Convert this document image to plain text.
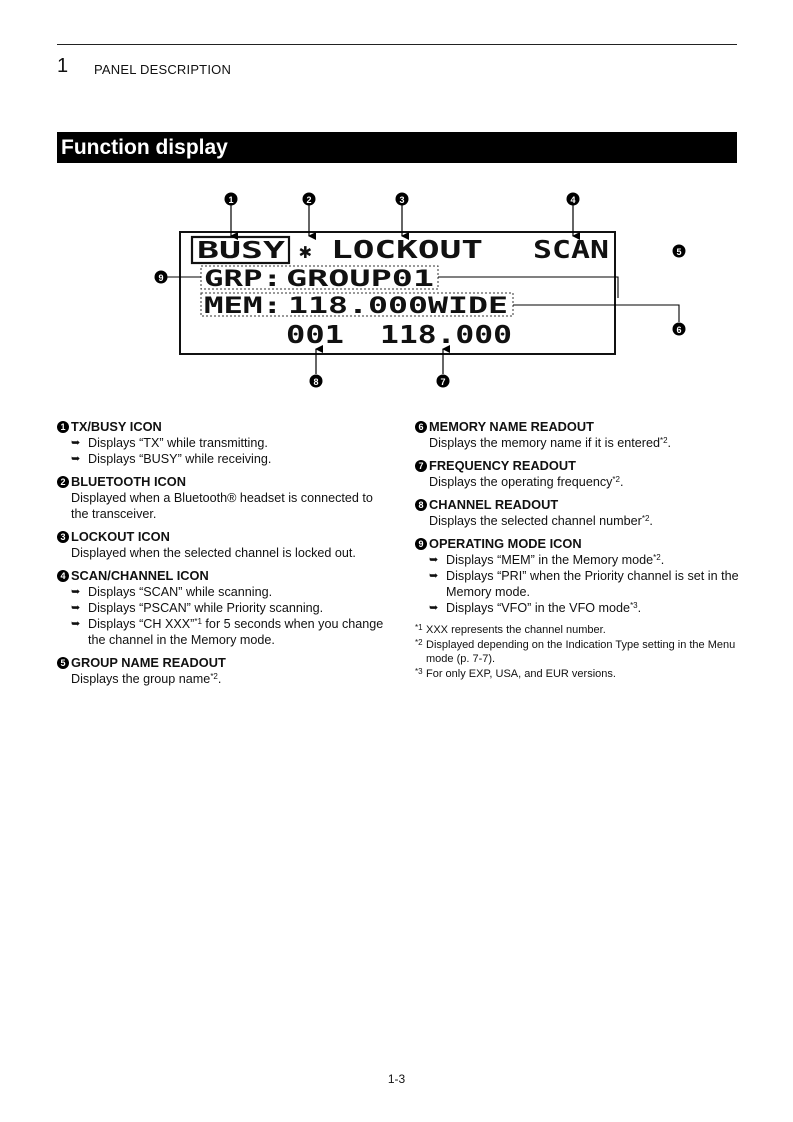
1 PANEL DESCRIPTION
Function display
BUSY ✱ LOCKOUT SCAN
GRP: GROUP01
MEM: 118.000WIDE
001 118.000
1	2	3	4
5
6
8	7
9
1 TX/BUSY ICON
➥ Displays “TX” while transmitting.
➥ Displays “BUSY” while receiving.
2 BLUETOOTH ICON
Displayed when a Bluetooth® headset is connected to the transceiver.
3 LOCKOUT ICON
Displayed when the selected channel is locked out.
4 SCAN/CHANNEL ICON
➥ Displays “SCAN” while scanning.
➥ Displays “PSCAN” while Priority scanning.
➥ Displays “CH XXX”$^{*1}$ for 5 seconds when you change the channel in the Memory mode.
5 GROUP NAME READOUT
Displays the group name$^{*2}$.
6 MEMORY NAME READOUT
Displays the memory name if it is entered$^{*2}$.
7 FREQUENCY READOUT
Displays the operating frequency$^{*2}$.
8 CHANNEL READOUT
Displays the selected channel number$^{*2}$.
9 OPERATING MODE ICON
➥ Displays “MEM” in the Memory mode$^{*2}$.
➥ Displays “PRI” when the Priority channel is set in the Memory mode.
➥ Displays “VFO” in the VFO mode$^{*3}$.
*1 XXX represents the channel number.
*2 Displayed depending on the Indication Type setting in the Menu mode (p. 7-7).
*3 For only EXP, USA, and EUR versions.
1-3
